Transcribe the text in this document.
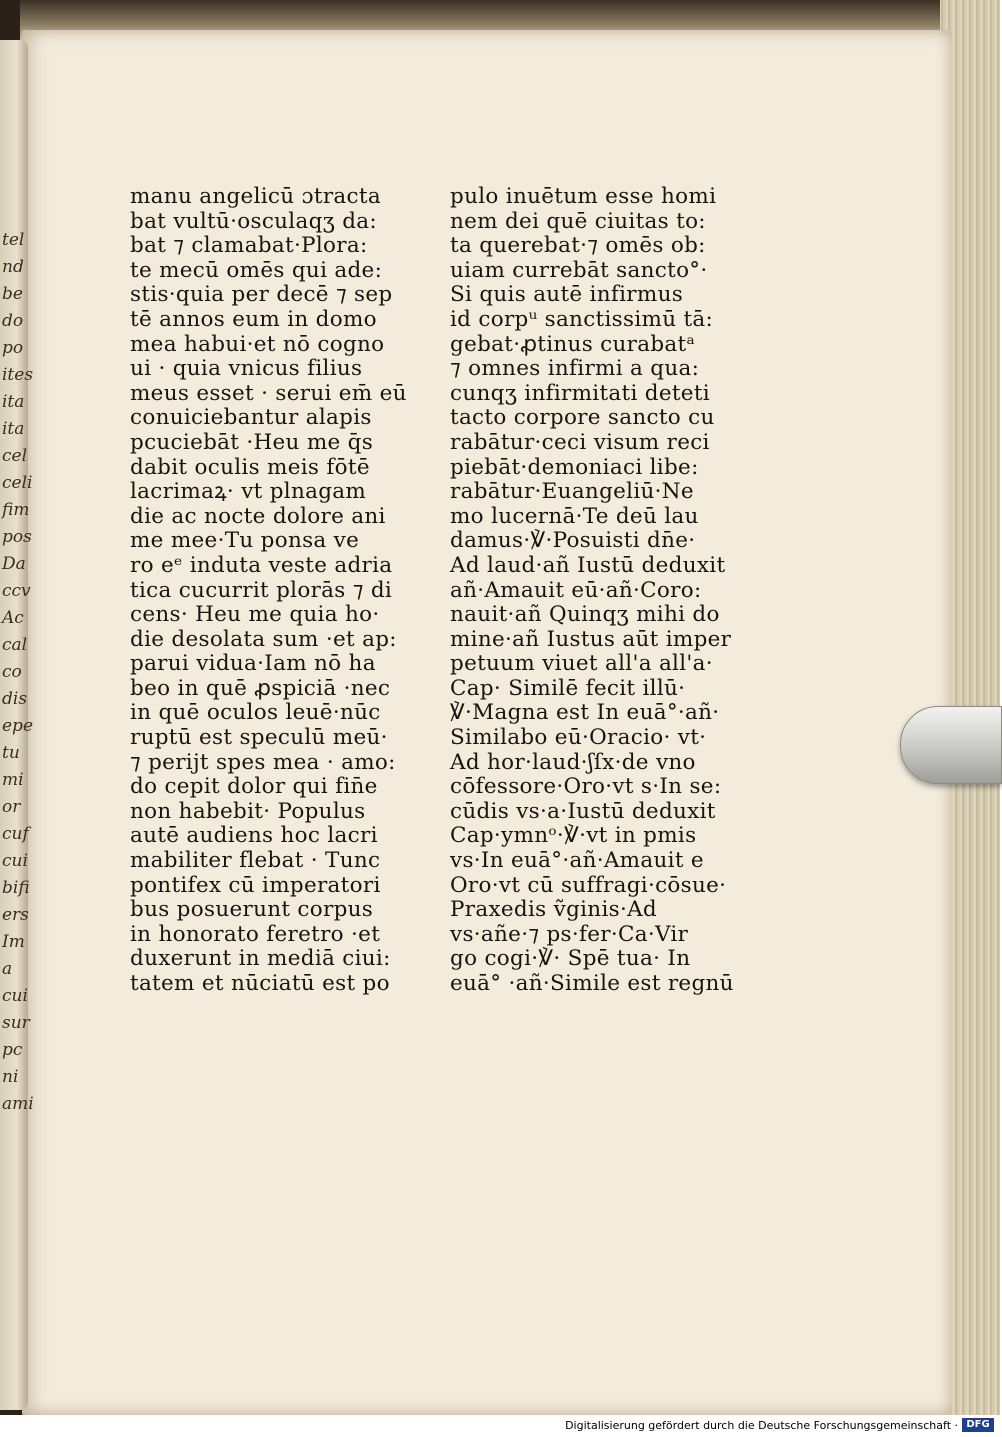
tel
nd
be
do
po
ites
ita
ita
cel
celi
fim
pos
Da
ccv
Ac
cal
co
dis
epe
tu
mi
or
cuf
cui
bifi
ers
Im
a
cui
sur
pc
ni
ami
manu angelicū ɔtracta
bat vultū·osculaqʒ da:
bat ⁊ clamabat·Plora:
te mecū omēs qui ade:
stis·quia per decē ⁊ sep
tē annos eum in domo
mea habui·et nō cogno
ui · quia vnicus filius
meus esset · serui em̄ eū
conuiciebantur alapis
pcuciebāt ·Heu me q̄s
dabit oculis meis fōtē
lacrimaꝝ· vt plnagam
die ac nocte dolore ani
me mee·Tu ponsa ve
ro eᵉ induta veste adria
tica cucurrit plorās ⁊ di
cens· Heu me quia ho·
die desolata sum ·et ap:
parui vidua·Iam nō ha
beo in quē ꝓspiciā ·nec
in quē oculos leuē·nūc
ruptū est speculū meū·
⁊ perijt spes mea · amo:
do cepit dolor qui fin̄e
non habebit· Populus
autē audiens hoc lacri
mabiliter flebat · Tunc
pontifex cū imperatori
bus posuerunt corpus
in honorato feretro ·et
duxerunt in mediā ciui:
tatem et nūciatū est po
pulo inuētum esse homi
nem dei quē ciuitas to:
ta querebat·⁊ omēs ob:
uiam currebāt sancto°·
Si quis autē infirmus
id corpᵘ sanctissimū tā:
gebat·ꝓtinus curabatᵃ
⁊ omnes infirmi a qua:
cunqʒ infirmitati deteti
tacto corpore sancto cu
rabātur·ceci visum reci
piebāt·demoniaci libe:
rabātur·Euangeliū·Ne
mo lucernā·Te deū lau
damus·℣·Posuisti dn̄e·
Ad laud·añ Iustū deduxit
añ·Amauit eū·añ·Coro:
nauit·añ Quinqʒ mihi do
mine·añ Iustus aūt imper
petuum viuet all'a all'a·
Cap· Similē fecit illū·
℣·Magna est In euā°·añ·
Similabo eū·Oracio· vt·
Ad hor·laud·ʃſx·de vno
cōfessore·Oro·vt s·In se:
cūdis vs·a·Iustū deduxit
Cap·ymnᵒ·℣·vt in pmis
vs·In euā°·añ·Amauit e
Oro·vt cū suffragi·cōsue·
Praxedis ṽginis·Ad
vs·añe·⁊ ps·fer·Ca·Vir
go cogi·℣· Spē tua· In
euā° ·añ·Simile est regnū
Digitalisierung gefördert durch die Deutsche Forschungsgemeinschaft · DFG
